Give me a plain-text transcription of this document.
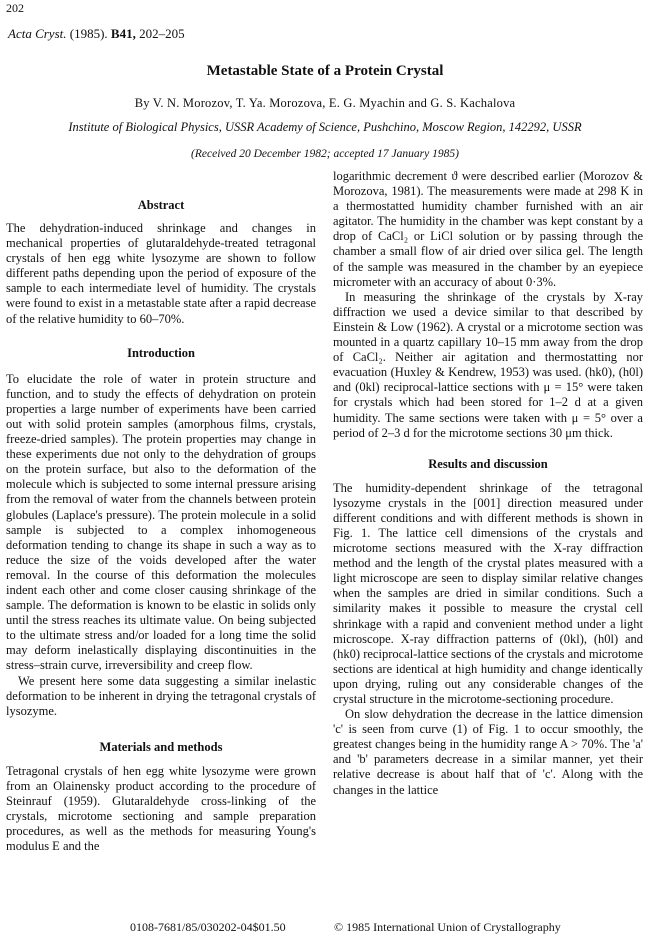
202
Acta Cryst. (1985). B41, 202–205
Metastable State of a Protein Crystal
By V. N. Morozov, T. Ya. Morozova, E. G. Myachin and G. S. Kachalova
Institute of Biological Physics, USSR Academy of Science, Pushchino, Moscow Region, 142292, USSR
(Received 20 December 1982; accepted 17 January 1985)
Abstract

The dehydration-induced shrinkage and changes in mechanical properties of glutaraldehyde-treated tetragonal crystals of hen egg white lysozyme are shown to follow different paths depending upon the period of exposure of the sample to each intermediate level of humidity. The crystals were found to exist in a metastable state after a rapid decrease of the relative humidity to 60–70%.

Introduction

To elucidate the role of water in protein structure and function, and to study the effects of dehydration on protein properties a large number of experiments have been carried out with solid protein samples (amorphous films, crystals, freeze-dried samples). The protein properties may change in these experiments due not only to the dehydration of groups on the protein surface, but also to the deformation of the molecule which is subjected to some internal pressure arising from the removal of water from the channels between protein globules (Laplace's pressure). The protein molecule in a solid sample is subjected to a complex inhomogeneous deformation tending to change its shape in such a way as to reduce the size of the voids developed after the water removal. In the course of this deformation the molecules indent each other and come closer causing shrinkage of the sample. The deformation is known to be elastic in solids only until the stress reaches its ultimate value. On being subjected to the ultimate stress and/or loaded for a long time the solid may deform inelastically displaying discontinuities in the stress–strain curve, irreversibility and creep flow.

We present here some data suggesting a similar inelastic deformation to be inherent in drying the tetragonal crystals of lysozyme.

Materials and methods

Tetragonal crystals of hen egg white lysozyme were grown from an Olainensky product according to the procedure of Steinrauf (1959). Glutaraldehyde cross-linking of the crystals, microtome sectioning and sample preparation procedures, as well as the methods for measuring Young's modulus E and the

logarithmic decrement ϑ were described earlier (Morozov & Morozova, 1981). The measurements were made at 298 K in a thermostatted humidity chamber furnished with an air agitator. The humidity in the chamber was kept constant by a drop of CaCl₂ or LiCl solution or by passing through the chamber a small flow of air dried over silica gel. The length of the sample was measured in the chamber by an eyepiece micrometer with an accuracy of about 0·3%.

In measuring the shrinkage of the crystals by X-ray diffraction we used a device similar to that described by Einstein & Low (1962). A crystal or a microtome section was mounted in a quartz capillary 10–15 mm away from the drop of CaCl₂. Neither air agitation and thermostatting nor evacuation (Huxley & Kendrew, 1953) was used. (hk0), (h0l) and (0kl) reciprocal-lattice sections with μ = 15° were taken for crystals which had been stored for 1–2 d at a given humidity. The same sections were taken with μ = 5° over a period of 2–3 d for the microtome sections 30 μm thick.

Results and discussion

The humidity-dependent shrinkage of the tetragonal lysozyme crystals in the [001] direction measured under different conditions and with different methods is shown in Fig. 1. The lattice cell dimensions of the crystals and microtome sections measured with the X-ray diffraction method and the length of the crystal plates measured with a light microscope are seen to display similar relative changes when the samples are dried in similar conditions. Such a similarity makes it possible to measure the crystal cell shrinkage with a rapid and convenient method under a light microscope. X-ray diffraction patterns of (0kl), (h0l) and (hk0) reciprocal-lattice sections of the crystals and microtome sections are identical at high humidity and change identically upon drying, ruling out any considerable changes of the crystal structure in the microtome-sectioning procedure.

On slow dehydration the decrease in the lattice dimension 'c' is seen from curve (1) of Fig. 1 to occur smoothly, the greatest changes being in the humidity range A > 70%. The 'a' and 'b' parameters decrease in a similar manner, yet their relative decrease is about half that of 'c'. Along with the changes in the lattice

0108-7681/85/030202-04$01.50	© 1985 International Union of Crystallography
